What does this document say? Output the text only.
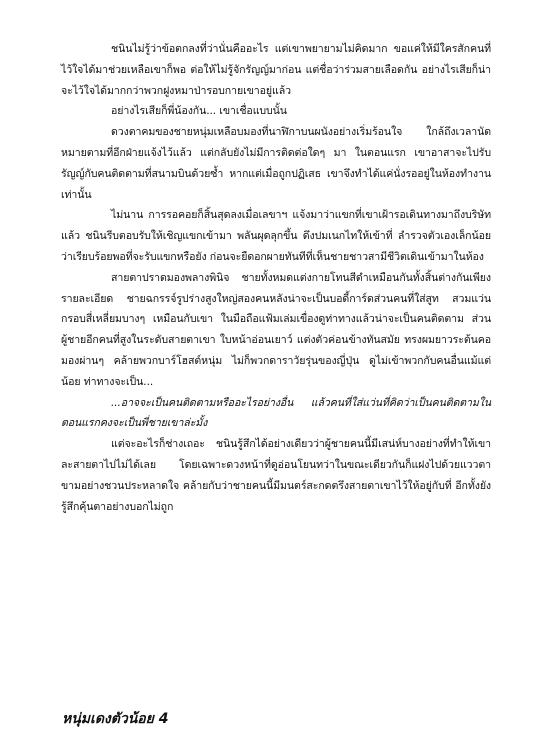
ชนินไม่รู้ว่าข้อตกลงที่ว่านั่นคืออะไร แต่เขาพยายามไม่คิดมาก ขอแค่ให้มีใครสักคนที่ไว้ใจได้มาช่วยเหลือเขาก็พอ ต่อให้ไม่รู้จักรัญญ์มาก่อน แต่ชื่อว่าร่วมสายเลือดกัน อย่างไรเสียก็น่าจะไว้ใจได้มากกว่าพวกฝูงหมาป่ารอบกายเขาอยู่แล้ว

อย่างไรเสียก็พี่น้องกัน... เขาเชื่อแบบนั้น

ดวงตาคมของชายหนุ่มเหลือบมองที่นาฬิกาบนผนังอย่างเริ่มร้อนใจ ใกล้ถึงเวลานัดหมายตามที่อีกฝ่ายแจ้งไว้แล้ว แต่กลับยังไม่มีการติดต่อใดๆ มา ในตอนแรก เขาอาสาจะไปรับรัญญ์กับคนติดตามที่สนามบินด้วยซ้ำ หากแต่เมื่อถูกปฏิเสธ เขาจึงทำได้แค่นั่งรออยู่ในห้องทำงานเท่านั้น

ไม่นาน การรอคอยก็สิ้นสุดลงเมื่อเลขาฯ แจ้งมาว่าแขกที่เขาเฝ้ารอเดินทางมาถึงบริษัทแล้ว ชนินรีบตอบรับให้เชิญแขกเข้ามา พลันผุดลุกขึ้น ดึงปมเนกไทให้เข้าที่ ลำรวจตัวเองเล็กน้อยว่าเรียบร้อยพอที่จะรับแขกหรือยัง ก่อนจะยืดอกผายทันทีที่เห็นชายชาวสามีชีวิตเดินเข้ามาในห้อง

สายตาปราดมองพลางพินิจ ชายทั้งหมดแต่งกายโทนสีดำเหมือนกันทั้งสิ้นต่างกันเพียงรายละเอียด ชายฉกรรจ์รูปร่างสูงใหญ่สองคนหลังน่าจะเป็นบอดี้การ์ดส่วนคนที่ใส่สูท สวมแว่นกรอบสี่เหลี่ยมบางๆ เหมือนกับเขา ในมือถือแฟ้มเล่มเขื่องดูท่าทางแล้วน่าจะเป็นคนติดตาม ส่วนผู้ชายอีกคนที่สูงในระดับสายตาเขา ใบหน้าอ่อนเยาว์ แต่งตัวค่อนข้างทันสมัย ทรงผมยาวระต้นคอ มองผ่านๆ คล้ายพวกบาร์โฮสต์หนุ่ม ไม่ก็พวกดาราวัยรุ่นของญี่ปุ่น ดูไม่เข้าพวกกับคนอื่นแม้แต่น้อย ท่าทางจะเป็น...

...อาจจะเป็นคนติดตามหรืออะไรอย่างอื่น แล้วคนที่ใส่แว่นที่คิดว่าเป็นคนติดตามในตอนแรกคงจะเป็นพี่ชายเขาล่ะมั้ง

แต่จะอะไรก็ช่างเถอะ ชนินรู้สึกได้อย่างเดียวว่าผู้ชายคนนี้มีเสน่ห์บางอย่างที่ทำให้เขาละสายตาไปไม่ได้เลย โดยเฉพาะดวงหน้าที่ดูอ่อนโยนทว่าในขณะเดียวกันก็แฝงไปด้วยแววตาขามอย่างชวนประหลาดใจ คล้ายกับว่าชายคนนี้มีมนตร์สะกดตรึงสายตาเขาไว้ให้อยู่กับที่ อีกทั้งยังรู้สึกคุ้นตาอย่างบอกไม่ถูก

หนุ่มเดงตัวน้อย 4
